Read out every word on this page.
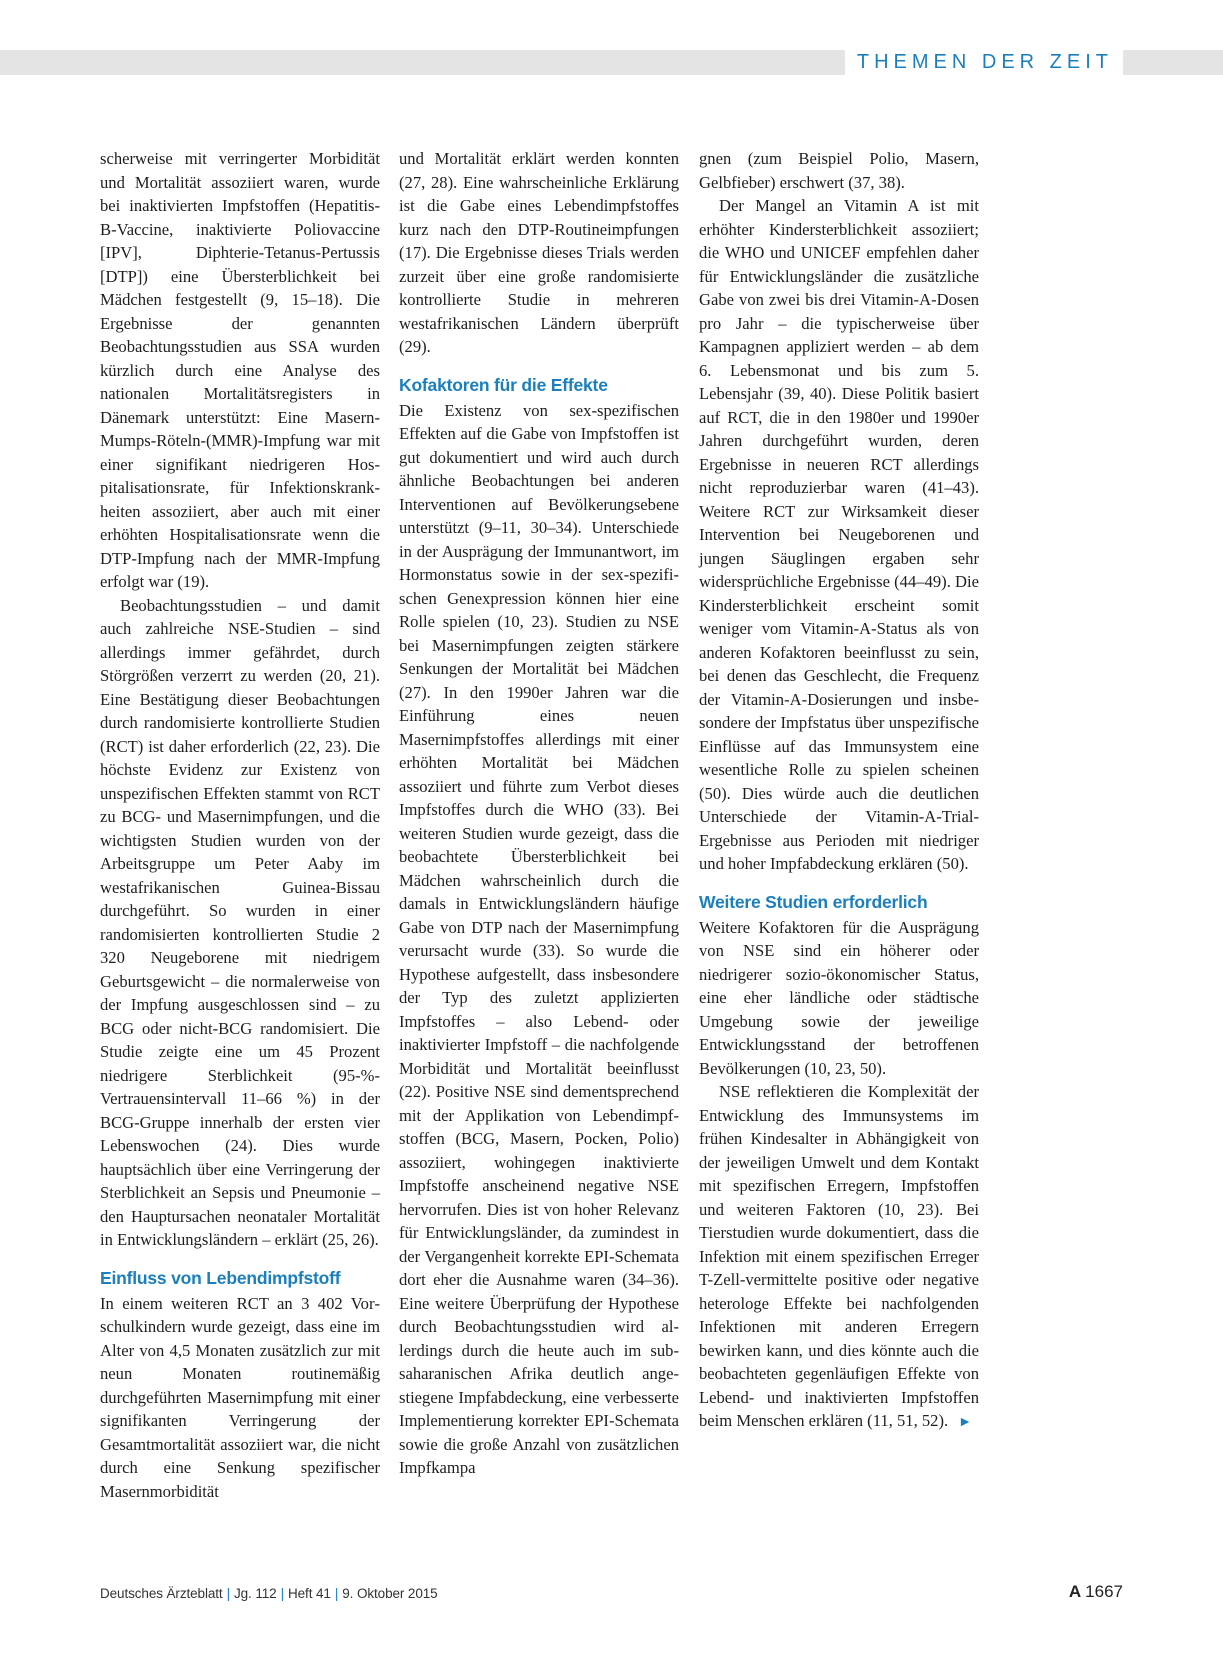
THEMEN DER ZEIT

scherweise mit verringerter Morbidität und Mortalität assoziiert waren, wurde bei inaktivierten Impfstoffen (Hepatitis-B-Vaccine, inaktivierte Poliovaccine [IPV], Diphterie-Tetanus-Pertussis [DTP]) eine Übersterblichkeit bei Mädchen festgestellt (9, 15–18). Die Ergebnisse der genannten Beobachtungsstudien aus SSA wurden kürzlich durch eine Analyse des nationalen Mortalitätsregisters in Dänemark unterstützt: Eine Masern-Mumps-Röteln-(MMR)-Impfung war mit einer signifikant niedrigeren Hospitalisationsrate, für Infektionskrankheiten assoziiert, aber auch mit einer erhöhten Hospitalisationsrate wenn die DTP-Impfung nach der MMR-Impfung erfolgt war (19).

Beobachtungsstudien – und damit auch zahlreiche NSE-Studien – sind allerdings immer gefährdet, durch Störgrößen verzerrt zu werden (20, 21). Eine Bestätigung dieser Beobachtungen durch randomisierte kontrollierte Studien (RCT) ist daher erforderlich (22, 23). Die höchste Evidenz zur Existenz von unspezifischen Effekten stammt von RCT zu BCG- und Masernimpfungen, und die wichtigsten Studien wurden von der Arbeitsgruppe um Peter Aaby im westafrikanischen Guinea-Bissau durchgeführt. So wurden in einer randomisierten kontrollierten Studie 2 320 Neugeborene mit niedrigem Geburtsgewicht – die normalerweise von der Impfung ausgeschlossen sind – zu BCG oder nicht-BCG randomisiert. Die Studie zeigte eine um 45 Prozent niedrigere Sterblichkeit (95-%-Vertrauensintervall 11–66 %) in der BCG-Gruppe innerhalb der ersten vier Lebenswochen (24). Dies wurde hauptsächlich über eine Verringerung der Sterblichkeit an Sepsis und Pneumonie – den Hauptursachen neonataler Mortalität in Entwicklungsländern – erklärt (25, 26).

Einfluss von Lebendimpfstoff

In einem weiteren RCT an 3 402 Vorschulkindern wurde gezeigt, dass eine im Alter von 4,5 Monaten zusätzlich zur mit neun Monaten routinemäßig durchgeführten Masernimpfung mit einer signifikanten Verringerung der Gesamtmortalität assoziiert war, die nicht durch eine Senkung spezifischer Masernmorbidität

und Mortalität erklärt werden konnten (27, 28). Eine wahrscheinliche Erklärung ist die Gabe eines Lebendimpfstoffes kurz nach den DTP-Routineimpfungen (17). Die Ergebnisse dieses Trials werden zurzeit über eine große randomisierte kontrollierte Studie in mehreren westafrikanischen Ländern überprüft (29).

Kofaktoren für die Effekte

Die Existenz von sex-spezifischen Effekten auf die Gabe von Impfstoffen ist gut dokumentiert und wird auch durch ähnliche Beobachtungen bei anderen Interventionen auf Bevölkerungsebene unterstützt (9–11, 30–34). Unterschiede in der Ausprägung der Immunantwort, im Hormonstatus sowie in der sex-spezifischen Genexpression können hier eine Rolle spielen (10, 23). Studien zu NSE bei Masernimpfungen zeigten stärkere Senkungen der Mortalität bei Mädchen (27). In den 1990er Jahren war die Einführung eines neuen Masernimpfstoffes allerdings mit einer erhöhten Mortalität bei Mädchen assoziiert und führte zum Verbot dieses Impfstoffes durch die WHO (33). Bei weiteren Studien wurde gezeigt, dass die beobachtete Übersterblichkeit bei Mädchen wahrscheinlich durch die damals in Entwicklungsländern häufige Gabe von DTP nach der Masernimpfung verursacht wurde (33). So wurde die Hypothese aufgestellt, dass insbesondere der Typ des zuletzt applizierten Impfstoffes – also Lebend- oder inaktivierter Impfstoff – die nachfolgende Morbidität und Mortalität beeinflusst (22). Positive NSE sind dementsprechend mit der Applikation von Lebendimpfstoffen (BCG, Masern, Pocken, Polio) assoziiert, wohingegen inaktivierte Impfstoffe anscheinend negative NSE hervorrufen. Dies ist von hoher Relevanz für Entwicklungsländer, da zumindest in der Vergangenheit korrekte EPI-Schemata dort eher die Ausnahme waren (34–36). Eine weitere Überprüfung der Hypothese durch Beobachtungsstudien wird allerdings durch die heute auch im subsaharanischen Afrika deutlich angestiegene Impfabdeckung, eine verbesserte Implementierung korrekter EPI-Schemata sowie die große Anzahl von zusätzlichen Impfkampa

gnen (zum Beispiel Polio, Masern, Gelbfieber) erschwert (37, 38).

Der Mangel an Vitamin A ist mit erhöhter Kindersterblichkeit assoziiert; die WHO und UNICEF empfehlen daher für Entwicklungsländer die zusätzliche Gabe von zwei bis drei Vitamin-A-Dosen pro Jahr – die typischerweise über Kampagnen appliziert werden – ab dem 6. Lebensmonat und bis zum 5. Lebensjahr (39, 40). Diese Politik basiert auf RCT, die in den 1980er und 1990er Jahren durchgeführt wurden, deren Ergebnisse in neueren RCT allerdings nicht reproduzierbar waren (41–43). Weitere RCT zur Wirksamkeit dieser Intervention bei Neugeborenen und jungen Säuglingen ergaben sehr widersprüchliche Ergebnisse (44–49). Die Kindersterblichkeit erscheint somit weniger vom Vitamin-A-Status als von anderen Kofaktoren beeinflusst zu sein, bei denen das Geschlecht, die Frequenz der Vitamin-A-Dosierungen und insbesondere der Impfstatus über unspezifische Einflüsse auf das Immunsystem eine wesentliche Rolle zu spielen scheinen (50). Dies würde auch die deutlichen Unterschiede der Vitamin-A-Trial-Ergebnisse aus Perioden mit niedriger und hoher Impfabdeckung erklären (50).

Weitere Studien erforderlich

Weitere Kofaktoren für die Ausprägung von NSE sind ein höherer oder niedrigerer sozio-ökonomischer Status, eine eher ländliche oder städtische Umgebung sowie der jeweilige Entwicklungsstand der betroffenen Bevölkerungen (10, 23, 50).

NSE reflektieren die Komplexität der Entwicklung des Immunsystems im frühen Kindesalter in Abhängigkeit von der jeweiligen Umwelt und dem Kontakt mit spezifischen Erregern, Impfstoffen und weiteren Faktoren (10, 23). Bei Tierstudien wurde dokumentiert, dass die Infektion mit einem spezifischen Erreger T-Zell-vermittelte positive oder negative heterologe Effekte bei nachfolgenden Infektionen mit anderen Erregern bewirken kann, und dies könnte auch die beobachteten gegenläufigen Effekte von Lebend- und inaktivierten Impfstoffen beim Menschen erklären (11, 51, 52). ►

Deutsches Ärzteblatt | Jg. 112 | Heft 41 | 9. Oktober 2015	A 1667
